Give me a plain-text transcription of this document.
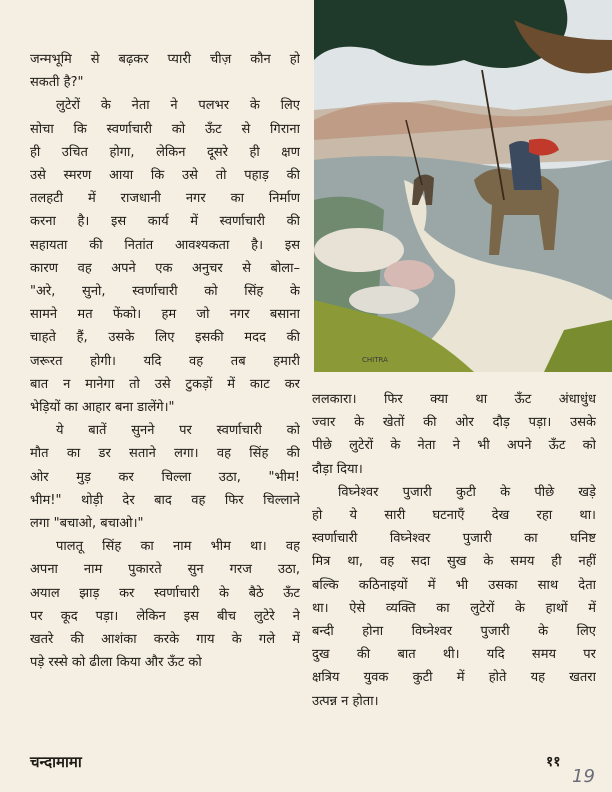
जन्मभूमि से बढ़कर प्यारी चीज़ कौन हो
सकती है?"
लुटेरों के नेता ने पलभर के लिए
सोचा कि स्वर्णाचारी को ऊँट से गिराना
ही उचित होगा, लेकिन दूसरे ही क्षण
उसे स्मरण आया कि उसे तो पहाड़ की
तलहटी में राजधानी नगर का निर्माण
करना है। इस कार्य में स्वर्णाचारी की
सहायता की नितांत आवश्यकता है। इस
कारण वह अपने एक अनुचर से बोला–
"अरे, सुनो, स्वर्णाचारी को सिंह के
सामने मत फेंको। हम जो नगर बसाना
चाहते हैं, उसके लिए इसकी मदद की
जरूरत होगी। यदि वह तब हमारी
बात न मानेगा तो उसे टुकड़ों में काट कर
भेड़ियों का आहार बना डालेंगे।"
ये बातें सुनने पर स्वर्णाचारी को
मौत का डर सताने लगा। वह सिंह की
ओर मुड़ कर चिल्ला उठा, "भीम!
भीम!" थोड़ी देर बाद वह फिर चिल्लाने
लगा "बचाओ, बचाओ।"
पालतू सिंह का नाम भीम था। वह
अपना नाम पुकारते सुन गरज उठा,
अयाल झाड़ कर स्वर्णाचारी के बैठे ऊँट
पर कूद पड़ा। लेकिन इस बीच लुटेरे ने
खतरे की आशंका करके गाय के गले में
पड़े रस्से को ढीला किया और ऊँट को
CHITRA
ललकारा। फिर क्या था ऊँट अंधाधुंध
ज्वार के खेतों की ओर दौड़ पड़ा। उसके
पीछे लुटेरों के नेता ने भी अपने ऊँट को
दौड़ा दिया।
विघ्नेश्वर पुजारी कुटी के पीछे खड़े
हो ये सारी घटनाएँ देख रहा था।
स्वर्णाचारी विघ्नेश्वर पुजारी का घनिष्ट
मित्र था, वह सदा सुख के समय ही नहीं
बल्कि कठिनाइयों में भी उसका साथ देता
था। ऐसे व्यक्ति का लुटेरों के हाथों में
बन्दी होना विघ्नेश्वर पुजारी के लिए
दुख की बात थी। यदि समय पर
क्षत्रिय युवक कुटी में होते यह खतरा
उत्पन्न न होता।
चन्दामामा	११
19
